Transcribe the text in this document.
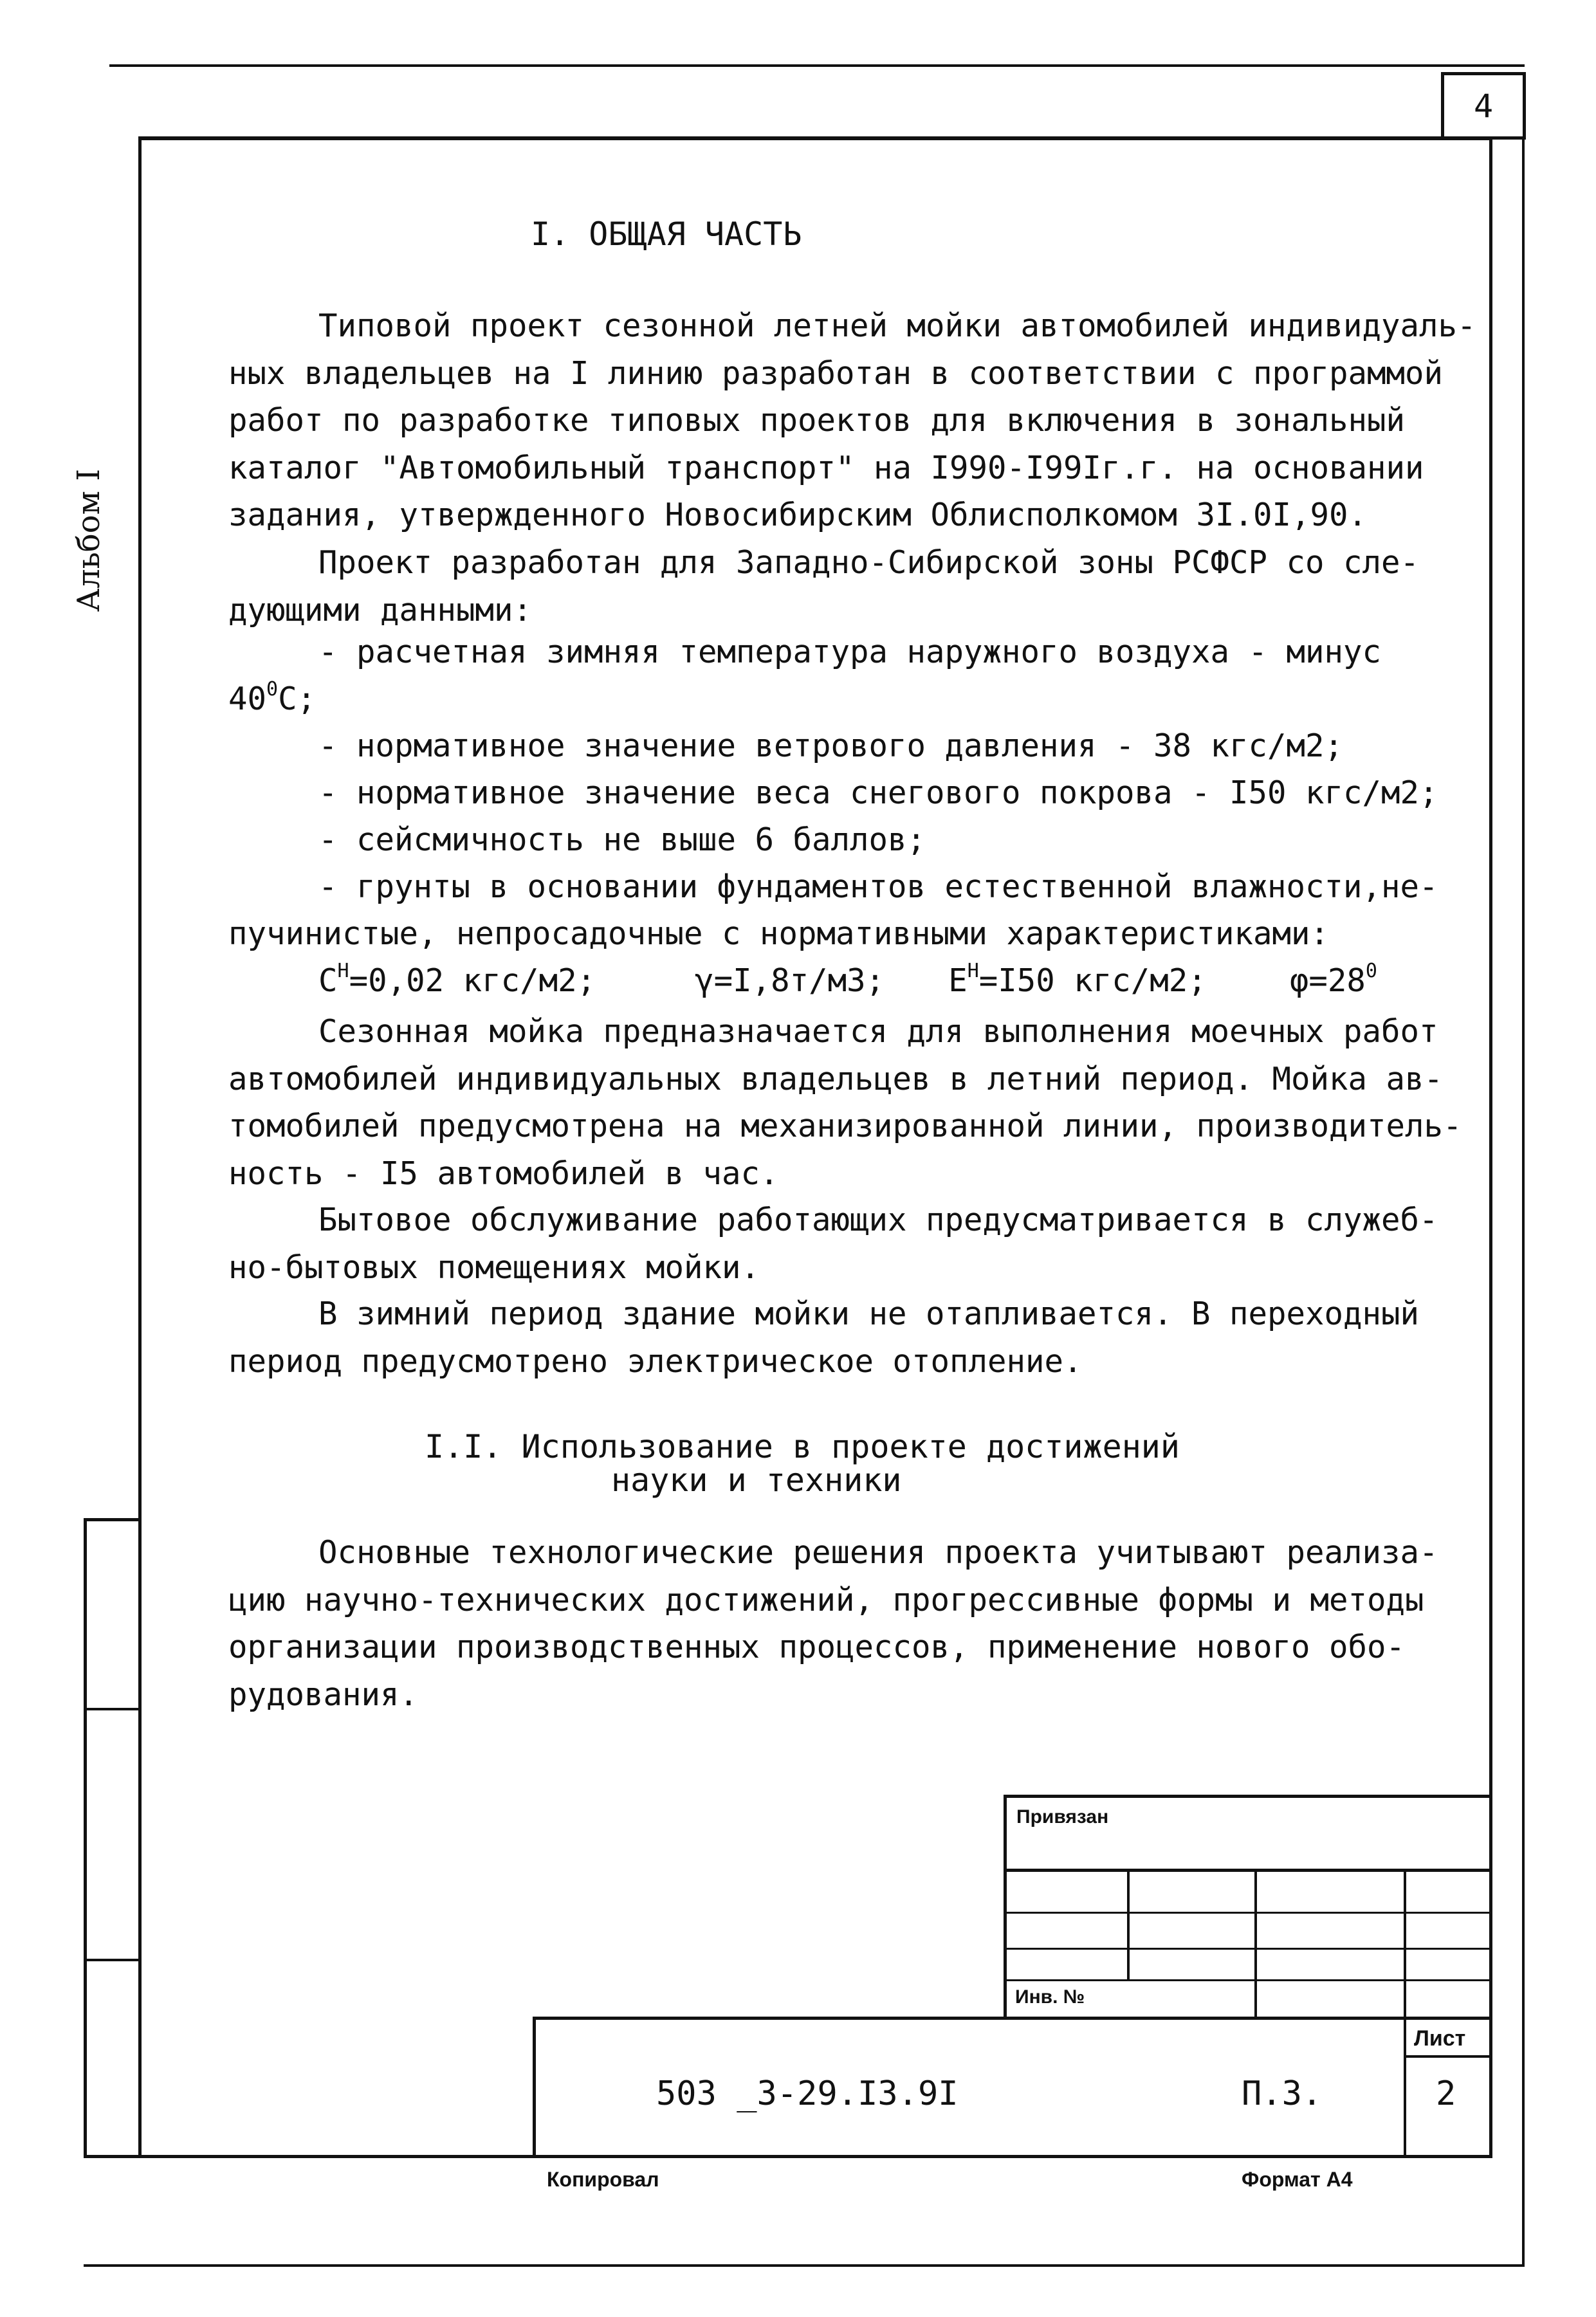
4
Альбом I
I. ОБЩАЯ ЧАСТЬ
Типовой проект сезонной летней мойки автомобилей индивидуаль-
ных владельцев на I линию разработан в соответствии с программой
работ по разработке типовых проектов для включения в зональный
каталог "Автомобильный транспорт" на I990-I99Iг.г. на основании
задания, утвержденного Новосибирским Облисполкомом 3I.0I,90.
Проект разработан для Западно-Сибирской зоны РСФСР со сле-
дующими данными:
- расчетная зимняя температура наружного воздуха - минус
$40^0С$;
- нормативное значение ветрового давления - 38 кгс/м2;
- нормативное значение веса снегового покрова - I50 кгс/м2;
- сейсмичность не выше 6 баллов;
- грунты в основании фундаментов естественной влажности,не-
пучинистые, непросадочные с нормативными характеристиками:
$С^Н=0,02$ кгс/м2;	γ=I,8т/м3; $Е^Н=I50$ кгс/м2;	$\varphi=28^0$
Сезонная мойка предназначается для выполнения моечных работ
автомобилей индивидуальных владельцев в летний период. Мойка ав-
томобилей предусмотрена на механизированной линии, производитель-
ность - I5 автомобилей в час.
Бытовое обслуживание работающих предусматривается в служеб-
но-бытовых помещениях мойки.
В зимний период здание мойки не отапливается. В переходный
период предусмотрено электрическое отопление.
I.I. Использование в проекте достижений
науки и техники
Основные технологические решения проекта учитывают реализа-
цию научно-технических достижений, прогрессивные формы и методы
организации производственных процессов, применение нового обо-
рудования.
Привязан
Инв. №
Лист
2
503 _3-29.I3.9I	П.3.
Копировал	Формат А4
